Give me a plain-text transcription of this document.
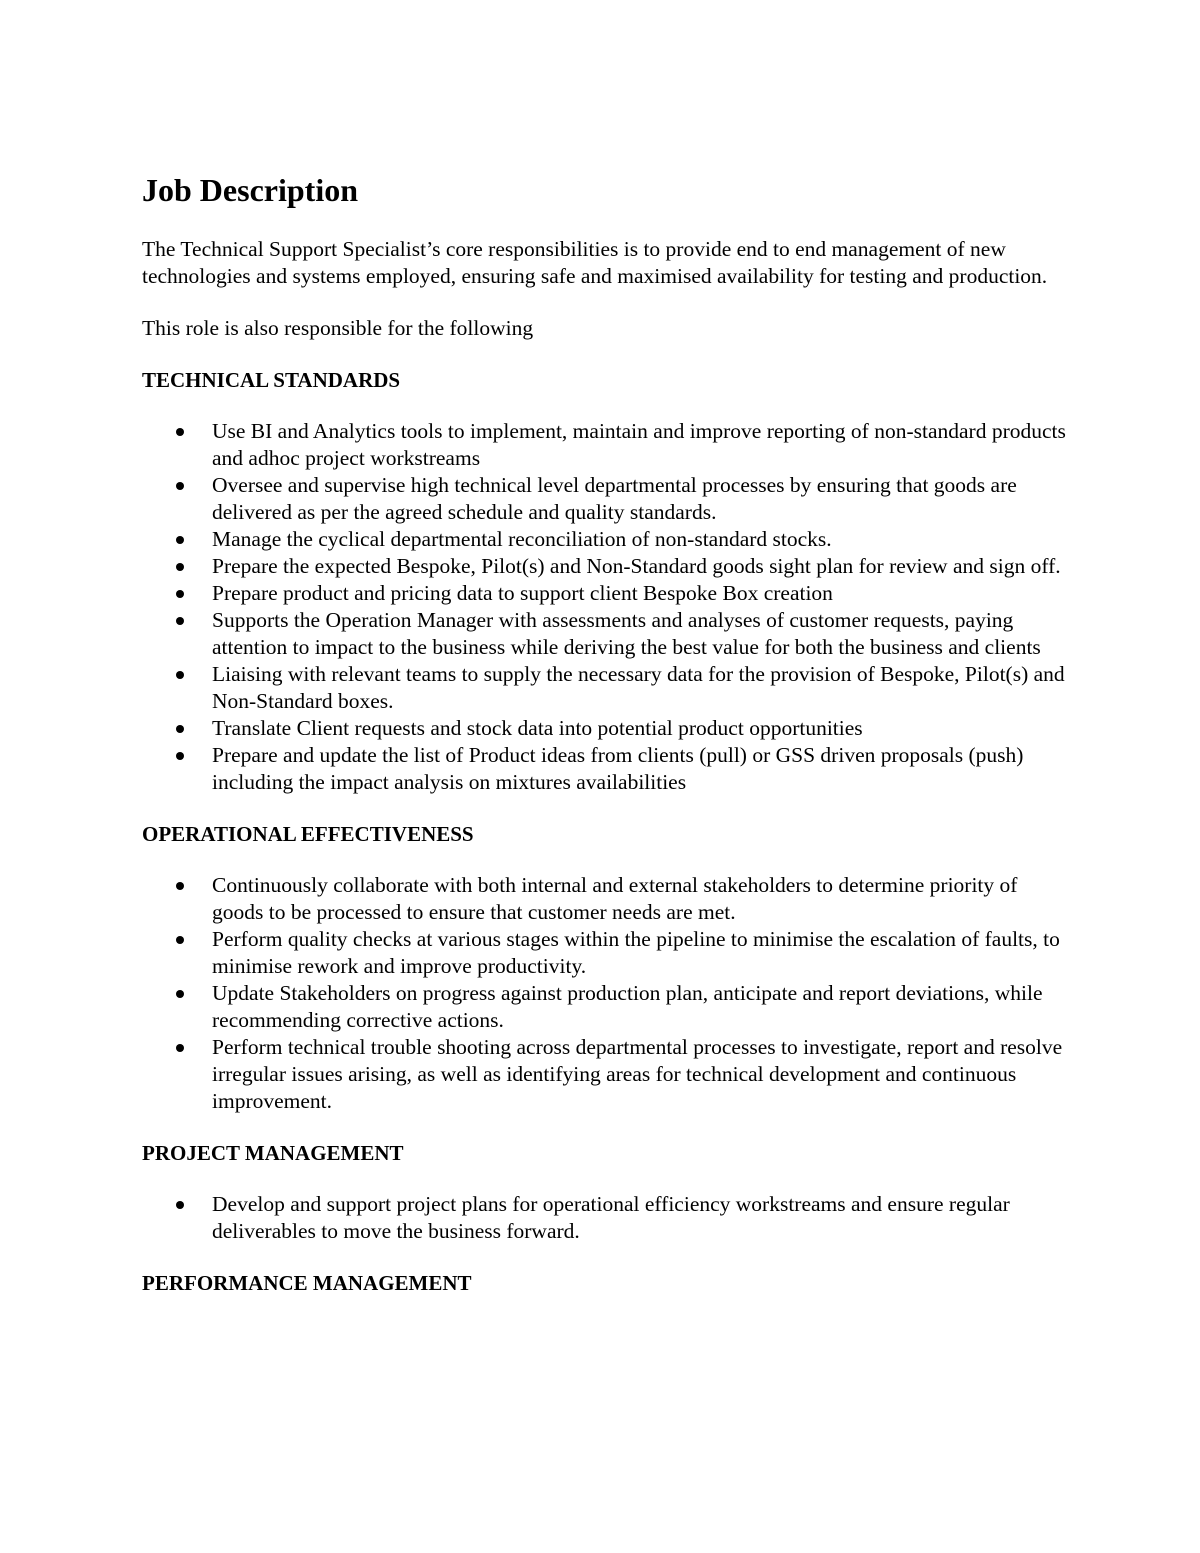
Job Description

The Technical Support Specialist’s core responsibilities is to provide end to end management of new technologies and systems employed, ensuring safe and maximised availability for testing and production.

This role is also responsible for the following

TECHNICAL STANDARDS
Use BI and Analytics tools to implement, maintain and improve reporting of non-standard products and adhoc project workstreams
Oversee and supervise high technical level departmental processes by ensuring that goods are delivered as per the agreed schedule and quality standards.
Manage the cyclical departmental reconciliation of non-standard stocks.
Prepare the expected Bespoke, Pilot(s) and Non-Standard goods sight plan for review and sign off.
Prepare product and pricing data to support client Bespoke Box creation
Supports the Operation Manager with assessments and analyses of customer requests, paying attention to impact to the business while deriving the best value for both the business and clients
Liaising with relevant teams to supply the necessary data for the provision of Bespoke, Pilot(s) and Non-Standard boxes.
Translate Client requests and stock data into potential product opportunities
Prepare and update the list of Product ideas from clients (pull) or GSS driven proposals (push) including the impact analysis on mixtures availabilities
OPERATIONAL EFFECTIVENESS
Continuously collaborate with both internal and external stakeholders to determine priority of goods to be processed to ensure that customer needs are met.
Perform quality checks at various stages within the pipeline to minimise the escalation of faults, to minimise rework and improve productivity.
Update Stakeholders on progress against production plan, anticipate and report deviations, while recommending corrective actions.
Perform technical trouble shooting across departmental processes to investigate, report and resolve irregular issues arising, as well as identifying areas for technical development and continuous improvement.
PROJECT MANAGEMENT
Develop and support project plans for operational efficiency workstreams and ensure regular deliverables to move the business forward.
PERFORMANCE MANAGEMENT
